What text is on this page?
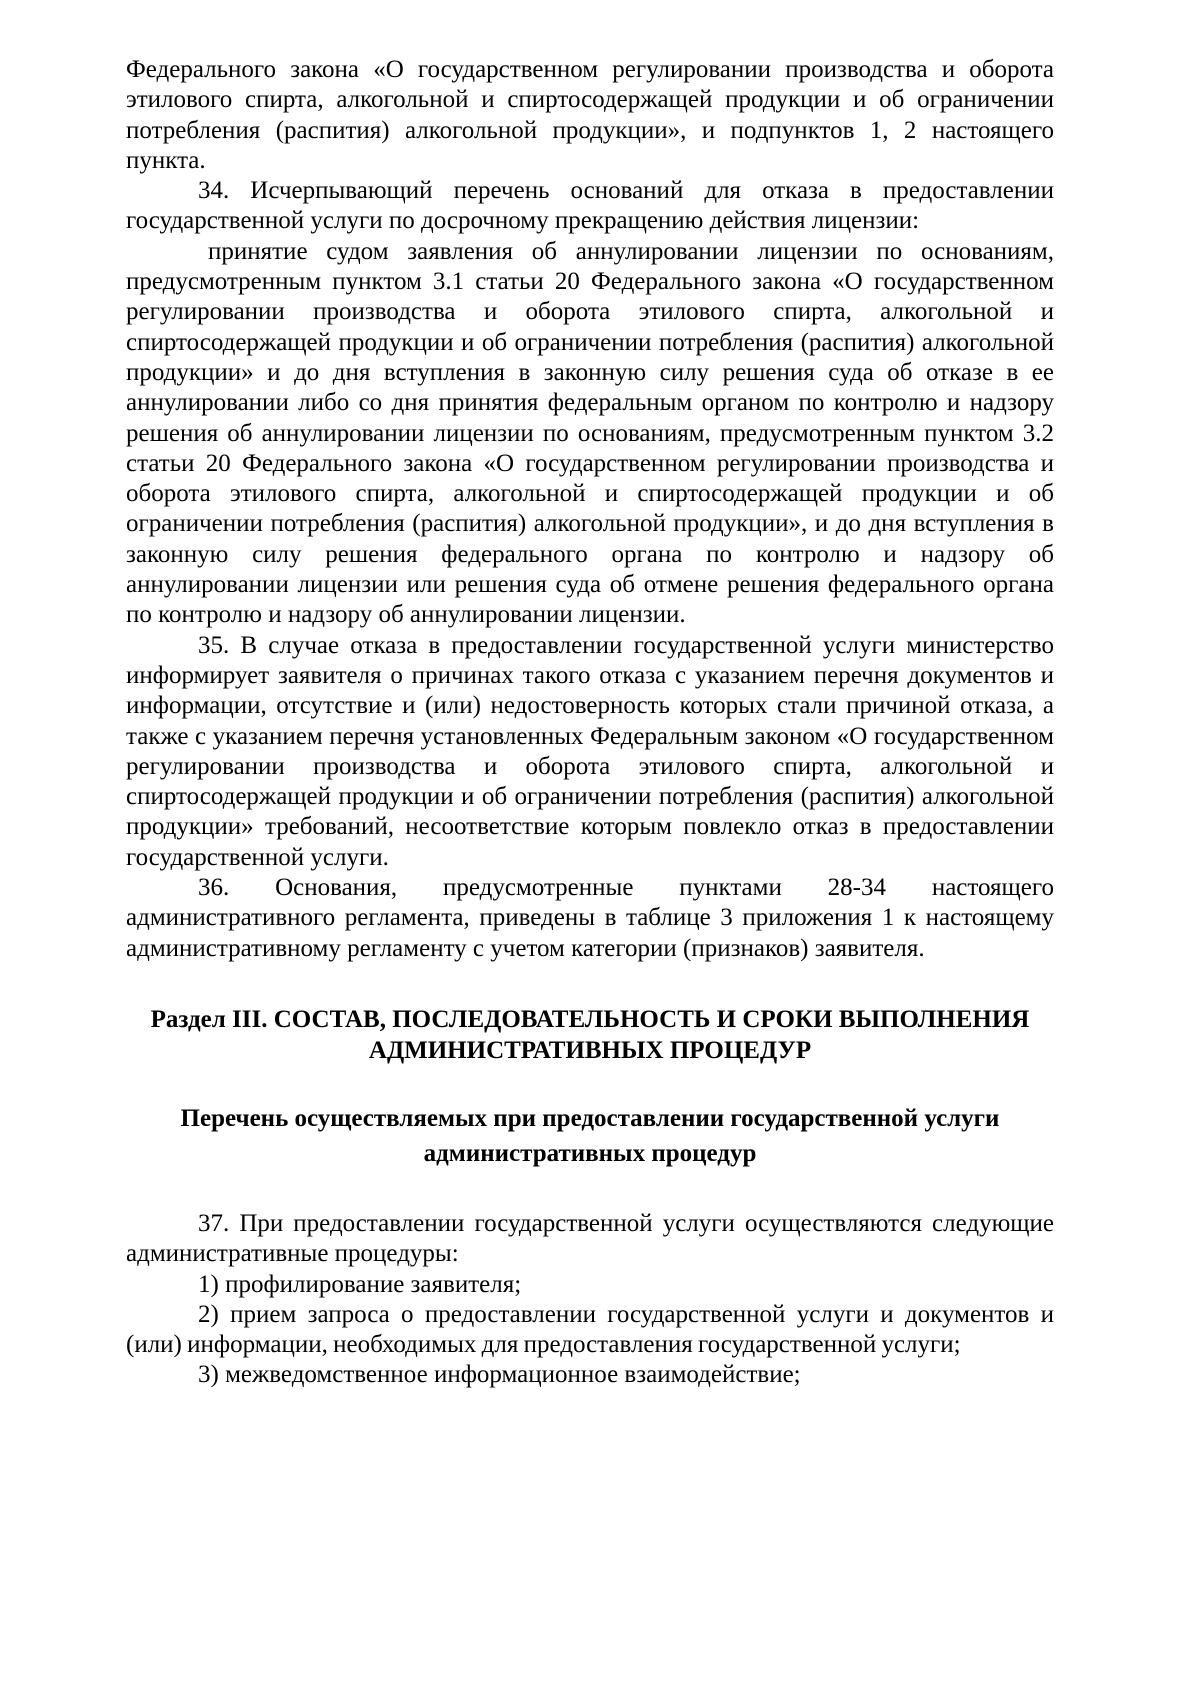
Федерального закона «О государственном регулировании производства и оборота этилового спирта, алкогольной и спиртосодержащей продукции и об ограничении потребления (распития) алкогольной продукции», и подпунктов 1, 2 настоящего пункта.

34. Исчерпывающий перечень оснований для отказа в предоставлении государственной услуги по досрочному прекращению действия лицензии:

принятие судом заявления об аннулировании лицензии по основаниям, предусмотренным пунктом 3.1 статьи 20 Федерального закона «О государственном регулировании производства и оборота этилового спирта, алкогольной и спиртосодержащей продукции и об ограничении потребления (распития) алкогольной продукции» и до дня вступления в законную силу решения суда об отказе в ее аннулировании либо со дня принятия федеральным органом по контролю и надзору решения об аннулировании лицензии по основаниям, предусмотренным пунктом 3.2 статьи 20 Федерального закона «О государственном регулировании производства и оборота этилового спирта, алкогольной и спиртосодержащей продукции и об ограничении потребления (распития) алкогольной продукции», и до дня вступления в законную силу решения федерального органа по контролю и надзору об аннулировании лицензии или решения суда об отмене решения федерального органа по контролю и надзору об аннулировании лицензии.

35. В случае отказа в предоставлении государственной услуги министерство информирует заявителя о причинах такого отказа с указанием перечня документов и информации, отсутствие и (или) недостоверность которых стали причиной отказа, а также с указанием перечня установленных Федеральным законом «О государственном регулировании производства и оборота этилового спирта, алкогольной и спиртосодержащей продукции и об ограничении потребления (распития) алкогольной продукции» требований, несоответствие которым повлекло отказ в предоставлении государственной услуги.

36. Основания, предусмотренные пунктами 28-34 настоящего административного регламента, приведены в таблице 3 приложения 1 к настоящему административному регламенту с учетом категории (признаков) заявителя.

Раздел III. СОСТАВ, ПОСЛЕДОВАТЕЛЬНОСТЬ И СРОКИ ВЫПОЛНЕНИЯ АДМИНИСТРАТИВНЫХ ПРОЦЕДУР
Перечень осуществляемых при предоставлении государственной услуги административных процедур

37. При предоставлении государственной услуги осуществляются следующие административные процедуры:

1) профилирование заявителя;

2) прием запроса о предоставлении государственной услуги и документов и (или) информации, необходимых для предоставления государственной услуги;

3) межведомственное информационное взаимодействие;
